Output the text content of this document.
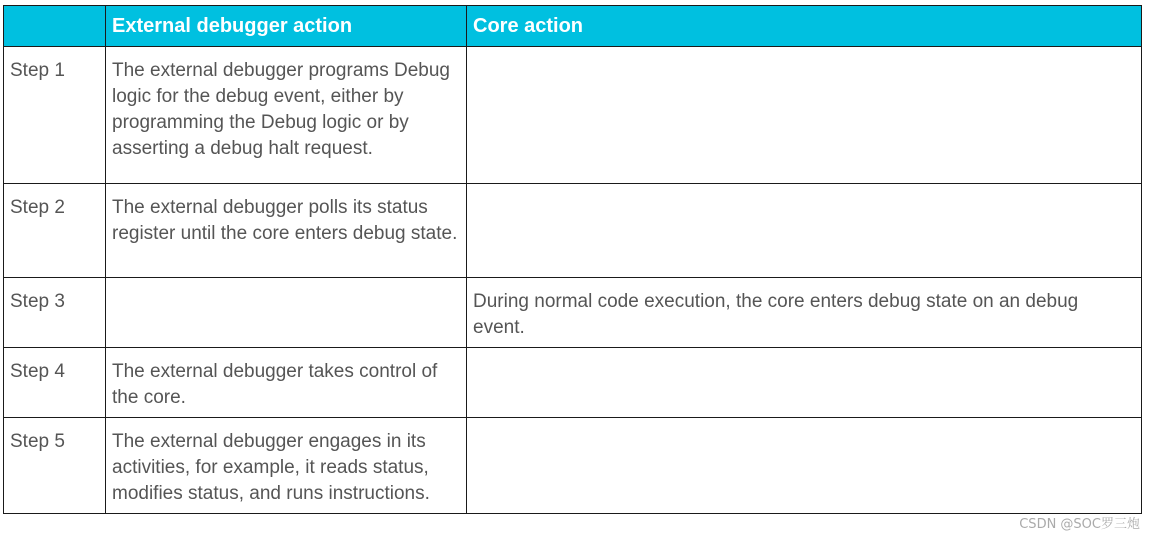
	External debugger action	Core action
Step 1	The external debugger programs Debug logic for the debug event, either by programming the Debug logic or by asserting a debug halt request.	
Step 2	The external debugger polls its status register until the core enters debug state.	
Step 3		During normal code execution, the core enters debug state on an debug event.
Step 4	The external debugger takes control of the core.	
Step 5	The external debugger engages in its activities, for example, it reads status, modifies status, and runs instructions.	
CSDN @SOC罗三炮
